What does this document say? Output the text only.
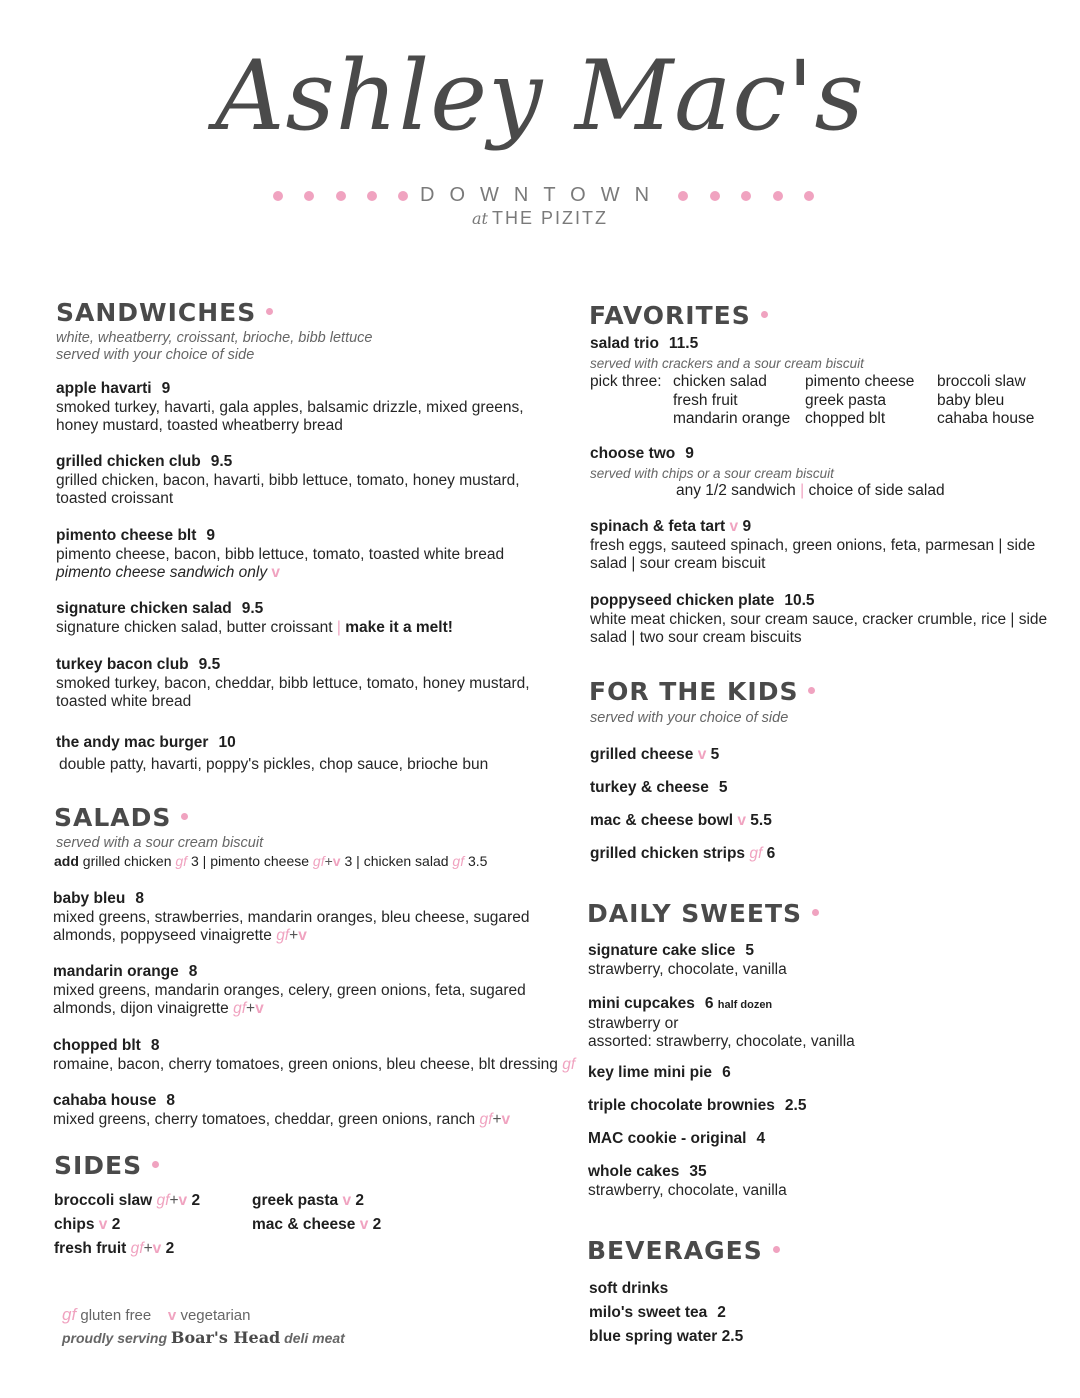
Ashley Mac's
DOWNTOWN
at THE PIZITZ
SANDWICHES
white, wheatberry, croissant, brioche, bibb lettuce
served with your choice of side
apple havarti 9
smoked turkey, havarti, gala apples, balsamic drizzle, mixed greens,
honey mustard, toasted wheatberry bread
grilled chicken club 9.5
grilled chicken, bacon, havarti, bibb lettuce, tomato, honey mustard,
toasted croissant
pimento cheese blt 9
pimento cheese, bacon, bibb lettuce, tomato, toasted white bread
pimento cheese sandwich only v
signature chicken salad 9.5
signature chicken salad, butter croissant | make it a melt!
turkey bacon club 9.5
smoked turkey, bacon, cheddar, bibb lettuce, tomato, honey mustard,
toasted white bread
the andy mac burger 10
double patty, havarti, poppy's pickles, chop sauce, brioche bun
SALADS
served with a sour cream biscuit
add grilled chicken gf 3 | pimento cheese gf+v 3 | chicken salad gf 3.5
baby bleu 8
mixed greens, strawberries, mandarin oranges, bleu cheese, sugared
almonds, poppyseed vinaigrette gf+v
mandarin orange 8
mixed greens, mandarin oranges, celery, green onions, feta, sugared
almonds, dijon vinaigrette gf+v
chopped blt 8
romaine, bacon, cherry tomatoes, green onions, bleu cheese, blt dressing gf
cahaba house 8
mixed greens, cherry tomatoes, cheddar, green onions, ranch gf+v
SIDES
broccoli slaw gf+v 2
chips v 2
fresh fruit gf+v 2
greek pasta v 2
mac & cheese v 2
gf gluten free v vegetarian
proudly serving Boar's Head deli meat
FAVORITES
salad trio 11.5
served with crackers and a sour cream biscuit
pick three: chicken salad
fresh fruit
mandarin orange
pimento cheese
greek pasta
chopped blt
broccoli slaw
baby bleu
cahaba house
choose two 9
served with chips or a sour cream biscuit
any 1/2 sandwich | choice of side salad
spinach & feta tart v 9
fresh eggs, sauteed spinach, green onions, feta, parmesan | side
salad | sour cream biscuit
poppyseed chicken plate 10.5
white meat chicken, sour cream sauce, cracker crumble, rice | side
salad | two sour cream biscuits
FOR THE KIDS
served with your choice of side
grilled cheese v 5
turkey & cheese 5
mac & cheese bowl v 5.5
grilled chicken strips gf 6
DAILY SWEETS
signature cake slice 5
strawberry, chocolate, vanilla
mini cupcakes 6 half dozen
strawberry or
assorted: strawberry, chocolate, vanilla
key lime mini pie 6
triple chocolate brownies 2.5
MAC cookie - original 4
whole cakes 35
strawberry, chocolate, vanilla
BEVERAGES
soft drinks
milo's sweet tea 2
blue spring water 2.5
